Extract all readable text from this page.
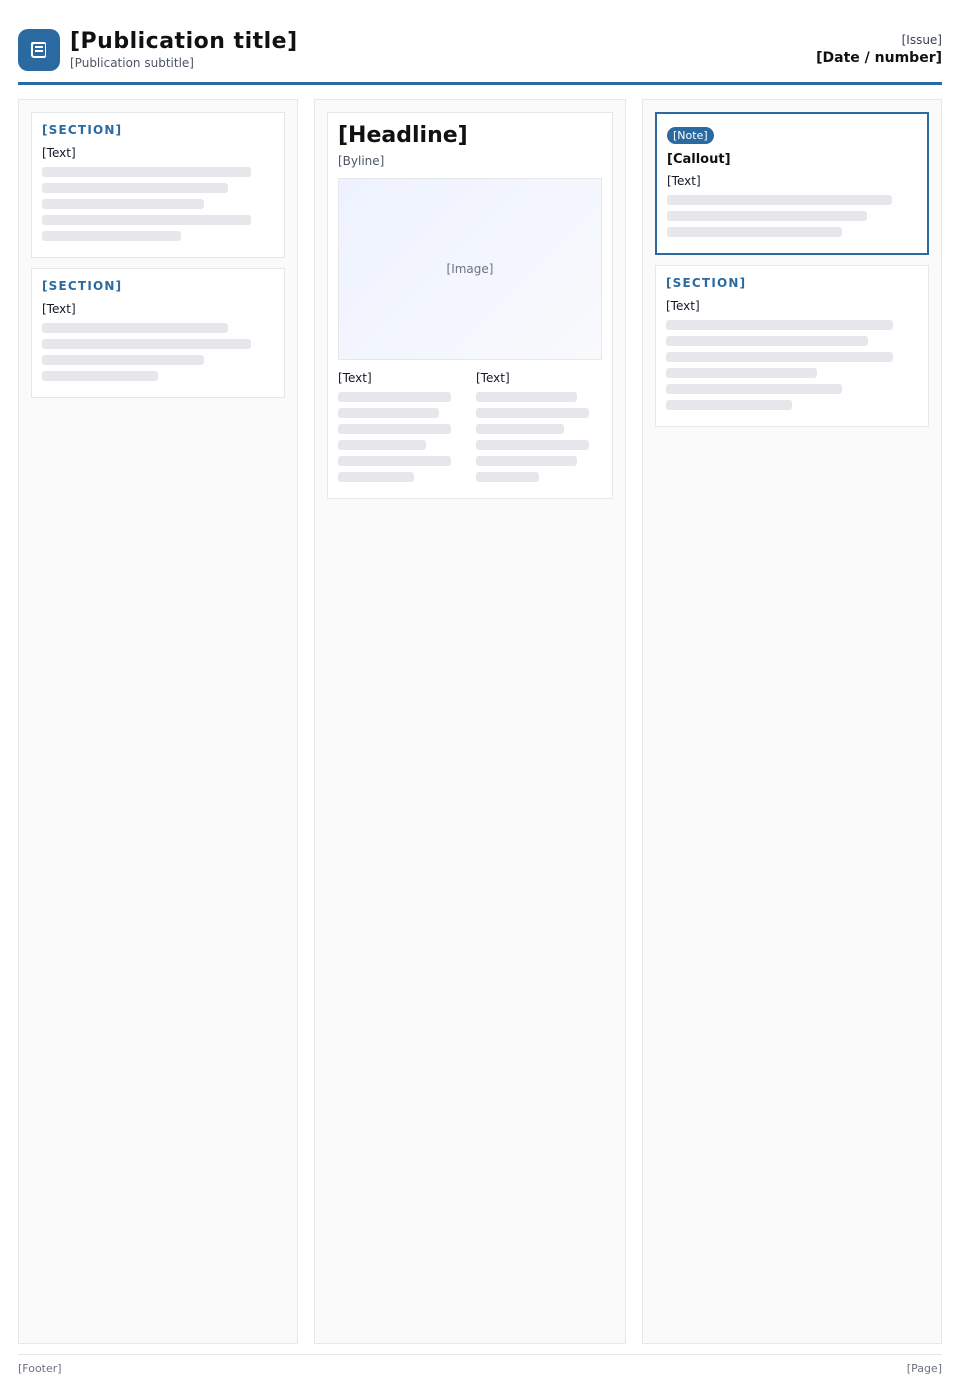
[Publication title]
[Publication subtitle]
[Issue]
[Date / number]
[SECTION]
[Text]
[SECTION]
[Text]
[Headline]
[Byline]
[Image]
[Text]	[Text]
[Note]
[Callout]
[Text]
[SECTION]
[Text]
[Footer]	[Page]
